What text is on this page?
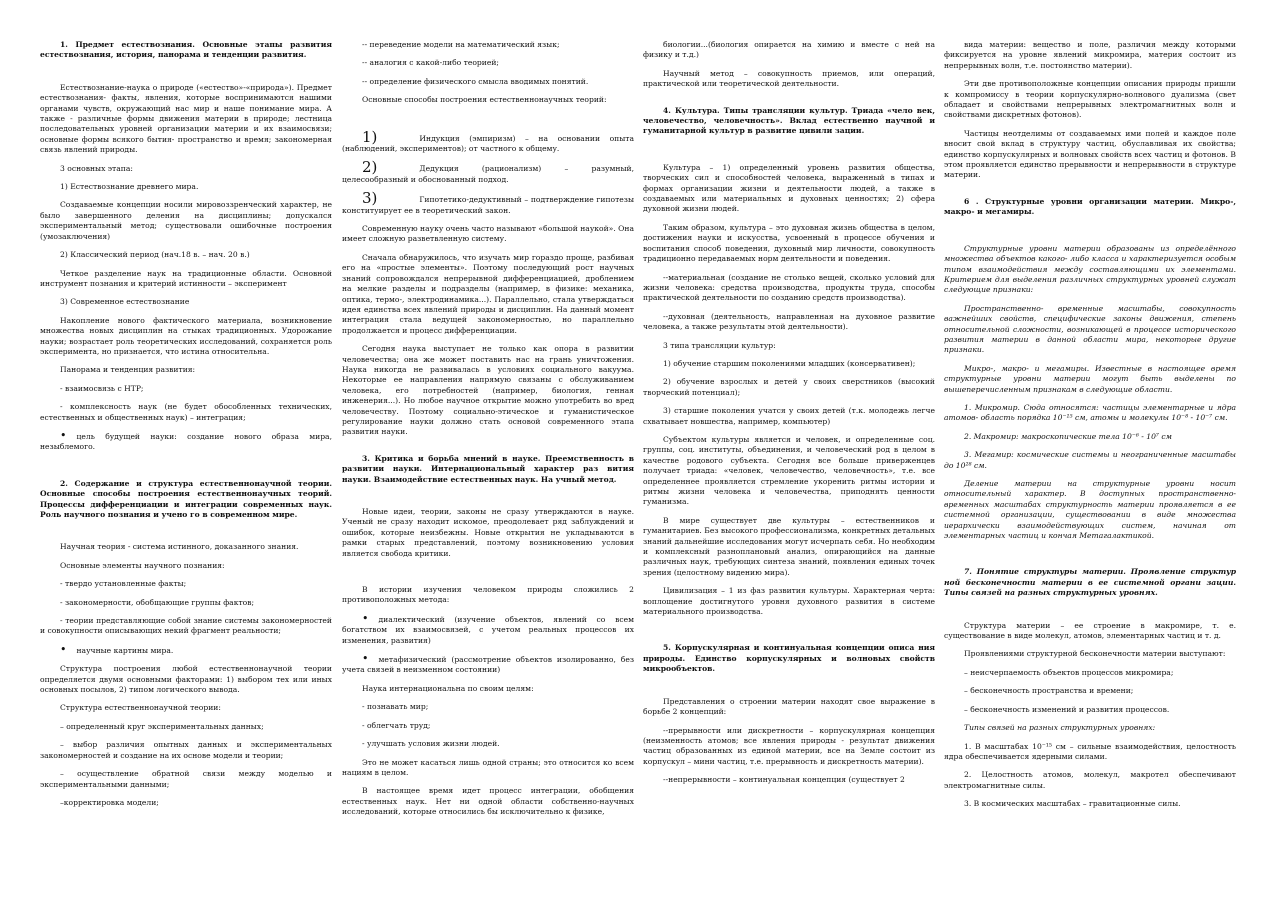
1. Предмет естествознания. Основные этапы развития естествознания, история, панорама и тенденции развития.

Естествознание-наука о природе («естество»-«природа»). Предмет естествознания- факты, явления, которые воспринимаются нашими органами чувств, окружающий нас мир и наше понимание мира. А также - различные формы движения материи в природе; лестница последовательных уровней организации материи и их взаимосвязи; основные формы всякого бытия- пространство и время; закономерная связь явлений природы.

3 основных этапа:

1) Естествознание древнего мира.

Создаваемые концепции носили мировоззренческий характер, не было завершенного деления на дисциплины; допускался экспериментальный метод; существовали ошибочные построения (умозаключения)

2) Классический период (нач.18 в. – нач. 20 в.)

Четкое разделение наук на традиционные области. Основной инструмент познания и критерий истинности – эксперимент

3) Современное естествознание

Накопление нового фактического материала, возникновение множества новых дисциплин на стыках традиционных. Удорожание науки; возрастает роль теоретических исследований, сохраняется роль эксперимента, но признается, что истина относительна.

Панорама и тенденция развития:

- взаимосвязь с НТР;

- комплексность наук (не будет обособленных технических, естественных и общественных наук) – интеграция;

• цель будущей науки: создание нового образа мира, незыблемого.

2. Содержание и структура естественнонаучной теории. Основные способы построения естественнонаучных теорий. Процессы дифференциации и интеграции современных наук. Роль научного познания и учено го в современном мире.

Научная теория - система истинного, доказанного знания.

Основные элементы научного познания:

- твердо установленные факты;

- закономерности, обобщающие группы фактов;

- теории представляющие собой знание системы закономерностей и совокупности описывающих некий фрагмент реальности;

• научные картины мира.

Структура построения любой естественнонаучной теории определяется двумя основными факторами: 1) выбором тех или иных основных посылов, 2) типом логического вывода.

Структура естественнонаучной теории:

– определенный круг экспериментальных данных;

– выбор различия опытных данных и экспериментальных закономерностей и создание на их основе модели и теории;

– осуществление обратной связи между моделью и экспериментальными данными;

–корректировка модели;

-- переведение модели на математический язык;

-- аналогия с какой-либо теорией;

-- определение физического смысла вводимых понятий.

Основные способы построения естественнонаучных теорий:

1)	Индукция (эмпиризм) – на основании опыта (наблюдений, экспериментов); от частного к общему.

2)	Дедукция (рационализм) – разумный, целесообразный и обоснованный подход.

3)	Гипотетико-дедуктивный – подтверждение гипотезы конституирует ее в теоретический закон.

Современную науку очень часто называют «большой наукой». Она имеет сложную разветвленную систему.

Сначала обнаружилось, что изучать мир гораздо проще, разбивая его на «простые элементы». Поэтому последующий рост научных знаний сопровождался непрерывной дифференциацией, дроблением на мелкие разделы и подразделы (например, в физике: механика, оптика, термо-, электродинамика...). Параллельно, стала утверждаться идея единства всех явлений природы и дисциплин. На данный момент интеграция стала ведущей закономерностью, но параллельно продолжается и процесс дифференциации.

Сегодня наука выступает не только как опора в развитии человечества; она же может поставить нас на грань уничтожения. Наука никогда не развивалась в условиях социального вакуума. Некоторые ее направления напрямую связаны с обслуживанием человека, его потребностей (например, биология, генная инженерия...). Но любое научное открытие можно употребить во вред человечеству. Поэтому социально-этическое и гуманистическое регулирование науки должно стать основой современного этапа развития науки.

3. Критика и борьба мнений в науке. Преемственность в развитии науки. Интернациональный характер раз вития науки. Взаимодействие естественных наук. На учный метод.

Новые идеи, теории, законы не сразу утверждаются в науке. Ученый не сразу находит искомое, преодолевает ряд заблуждений и ошибок, которые неизбежны. Новые открытия не укладываются в рамки старых представлений, поэтому возникновению условия является свобода критики.

В истории изучения человеком природы сложились 2 противоположных метода:

• диалектический (изучение объектов, явлений со всем богатством их взаимосвязей, с учетом реальных процессов их изменения, развития)

• метафизический (рассмотрение объектов изолированно, без учета связей в неизменном состоянии)

Наука интернациональна по своим целям:

- познавать мир;

- облегчать труд;

- улучшать условия жизни людей.

Это не может касаться лишь одной страны; это относится ко всем нациям в целом.

В настоящее время идет процесс интеграции, обобщения естественных наук. Нет ни одной области собственно-научных исследований, которые относились бы исключительно к физике,

биологии...(биология опирается на химию и вместе с ней на физику и т.д.)

Научный метод – совокупность приемов, или операций, практической или теоретической деятельности.

4. Культура. Типы трансляции культур. Триада «чело век, человечество, человечность». Вклад естественно научной и гуманитарной культур в развитие цивили зации.

Культура – 1) определенный уровень развития общества, творческих сил и способностей человека, выраженный в типах и формах организации жизни и деятельности людей, а также в создаваемых или материальных и духовных ценностях; 2) сфера духовной жизни людей.

Таким образом, культура – это духовная жизнь общества в целом, достижения науки и искусства, усвоенный в процессе обучения и воспитания способ поведения, духовный мир личности, совокупность традиционно передаваемых норм деятельности и поведения.

--материальная (создание не столько вещей, сколько условий для жизни человека: средства производства, продукты труда, способы практической деятельности по созданию средств производства).

--духовная (деятельность, направленная на духовное развитие человека, а также результаты этой деятельности).

3 типа трансляции культур:

1) обучение старшим поколениями младших (консервативен);

2) обучение взрослых и детей у своих сверстников (высокий творческий потенциал);

3) старшие поколения учатся у своих детей (т.к. молодежь легче схватывает новшества, например, компьютер)

Субъектом культуры является и человек, и определенные соц. группы, соц. институты, объединения, и человеческий род в целом в качестве родового субъекта. Сегодня все больше приверженцев получает триада: «человек, человечество, человечность», т.е. все определеннее проявляется стремление укоренить ритмы истории и ритмы жизни человека и человечества, приподнять ценности гуманизма.

В мире существует две культуры – естественников и гуманитариев. Без высокого профессионализма, конкретных детальных знаний дальнейшие исследования могут исчерпать себя. Но необходим и комплексный разноплановый анализ, опирающийся на данные различных наук, требующих синтеза знаний, появления единых точек зрения (целостному видению мира).

Цивилизация – 1 из фаз развития культуры. Характерная черта: воплощение достигнутого уровня духовного развития в системе материального производства.

5. Корпускулярная и континуальная концепции описа ния природы. Единство корпускулярных и волновых свойств микрообъектов.

Представления о строении материи находят свое выражение в борьбе 2 концепций:

--прерывности или дискретности – корпускулярная концепция (неизменность атомов; все явления природы - результат движения частиц образованных из единой материи, все на Земле состоит из корпускул – мини частиц, т.е. прерывность и дискретность материи).

--непрерывности – континуальная концепция (существует 2

вида материи: вещество и поле, различия между которыми фиксируется на уровне явлений микромира, материя состоит из непрерывных волн, т.е. постоянство материи).

Эти две противоположные концепции описания природы пришли к компромиссу в теории корпускулярно-волнового дуализма (свет обладает и свойствами непрерывных электромагнитных волн и свойствами дискретных фотонов).

Частицы неотделимы от создаваемых ими полей и каждое поле вносит свой вклад в структуру частиц, обуславливая их свойства; единство корпускулярных и волновых свойств всех частиц и фотонов. В этом проявляется единство прерывности и непрерывности в структуре материи.

6 . Структурные уровни организации материи. Микро-, макро- и мегамиры.

Структурные уровни материи образованы из определённого множества объектов какого- либо класса и характеризуется особым типом взаимодействия между составляющими их элементами. Критерием для выделения различных структурных уровней служат следующие признаки:

Пространственно- временные масштабы, совокупность важнейших свойств, специфические законы движения, степень относительной сложности, возникающей в процессе исторического развития материи в данной области мира, некоторые другие признаки.

Микро-, макро- и мегамиры. Известные в настоящее время структурные уровни материи могут быть выделены по вышеперечисленным признакам в следующие области.

1. Микромир. Сюда относятся: частицы элементарные и ядра атомов- область порядка 10⁻¹⁵ см, атомы и молекулы 10⁻⁸ - 10⁻⁷ см.

2. Макромир: макроскопические тела 10⁻⁶ - 10⁷ см

3. Мегамир: космические системы и неограниченные масштабы до 10²⁸ см.

Деление материи на структурные уровни носит относительный характер. В доступных пространственно-временных масштабах структурность материи проявляется в ее системной организации, существовании в виде множества иерархически взаимодействующих систем, начиная от элементарных частиц и кончая Метагалактикой.

7. Понятие структуры материи. Проявление структур ной бесконечности материи в ее системной органи зации. Типы связей на разных структурных уровнях.

Структура материи – ее строение в макромире, т. е. существование в виде молекул, атомов, элементарных частиц и т. д.

Проявлениями структурной бесконечности материи выступают:

– неисчерпаемость объектов процессов микромира;

– бесконечность пространства и времени;

– бесконечность изменений и развития процессов.

Типы связей на разных структурных уровнях:

1. В масштабах 10⁻¹⁵ см – сильные взаимодействия, целостность ядра обеспечивается ядерными силами.

2. Целостность атомов, молекул, макротел обеспечивают электромагнитные силы.

3. В космических масштабах – гравитационные силы.
